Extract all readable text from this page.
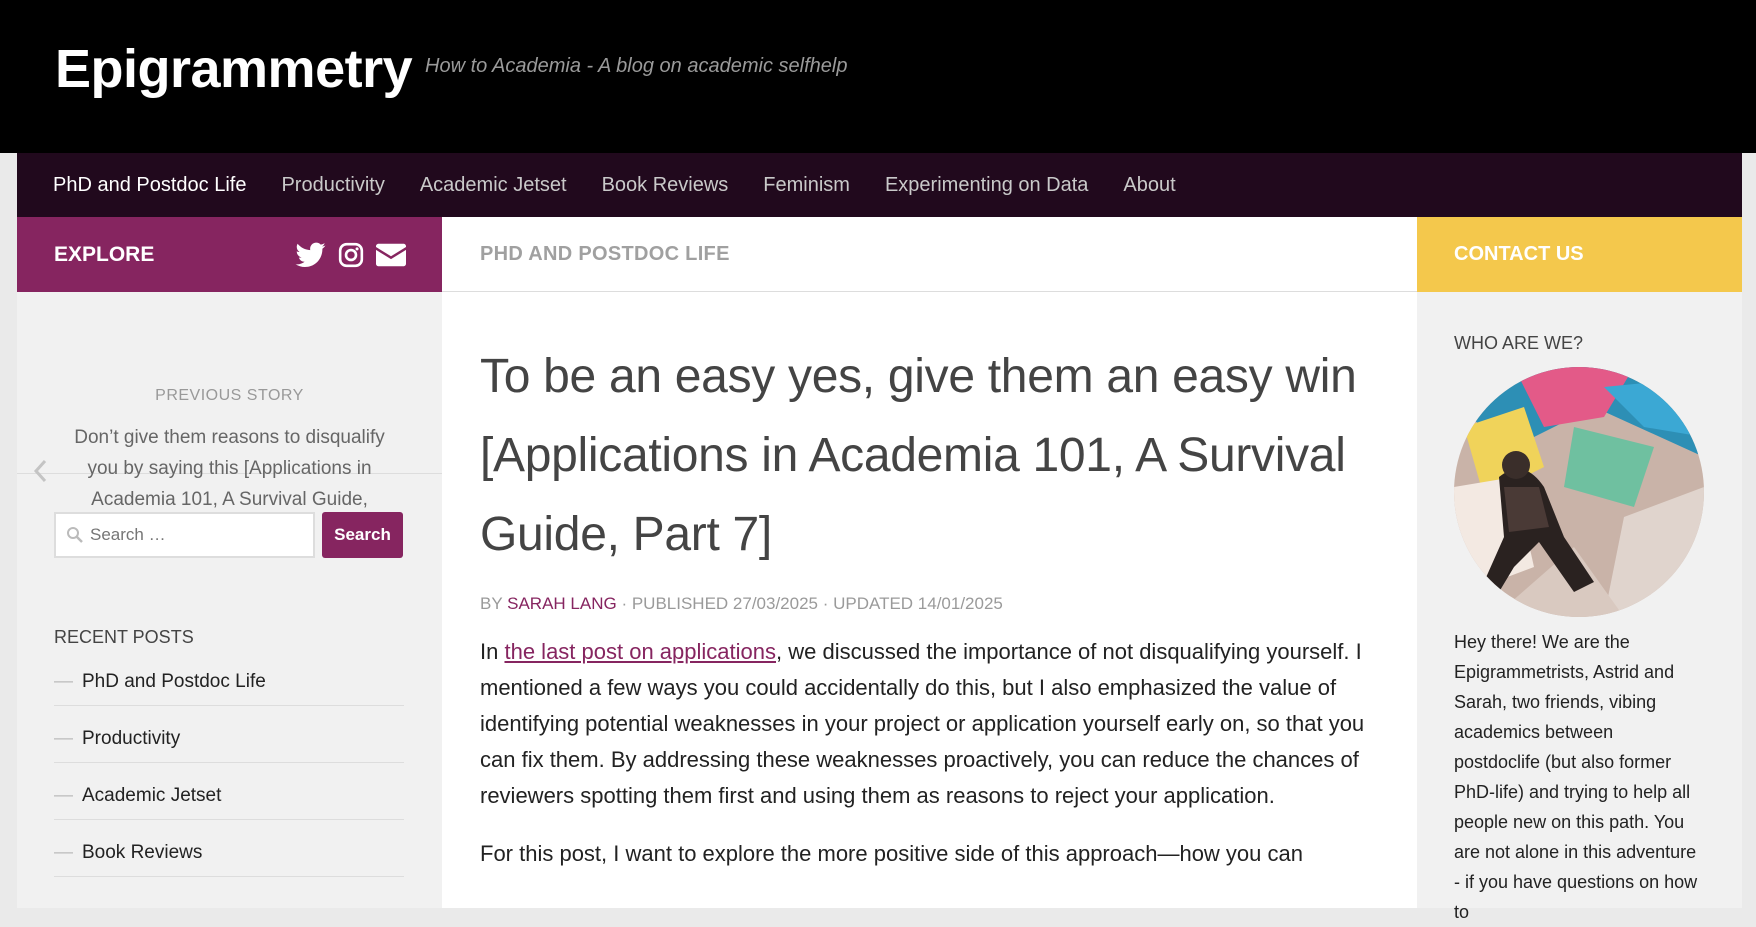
Epigrammetry How to Academia - A blog on academic selfhelp
PhD and Postdoc Life Productivity Academic Jetset Book Reviews Feminism Experimenting on Data About
EXPLORE
PREVIOUS STORY
Don’t give them reasons to disqualify you by saying this [Applications in Academia 101, A Survival Guide,
Search …
Search
RECENT POSTS
— PhD and Postdoc Life
— Productivity
— Academic Jetset
— Book Reviews
PHD AND POSTDOC LIFE
To be an easy yes, give them an easy win [Applications in Academia 101, A Survival Guide, Part 7]
BY SARAH LANG · PUBLISHED 27/03/2025 · UPDATED 14/01/2025

In the last post on applications, we discussed the importance of not disqualifying yourself. I mentioned a few ways you could accidentally do this, but I also emphasized the value of identifying potential weaknesses in your project or application yourself early on, so that you can fix them. By addressing these weaknesses proactively, you can reduce the chances of reviewers spotting them first and using them as reasons to reject your application.

For this post, I want to explore the more positive side of this approach—how you can

CONTACT US
WHO ARE WE?
Hey there! We are the Epigrammetrists, Astrid and Sarah, two friends, vibing academics between postdoclife (but also former PhD-life) and trying to help all people new on this path. You are not alone in this adventure - if you have questions on how to
